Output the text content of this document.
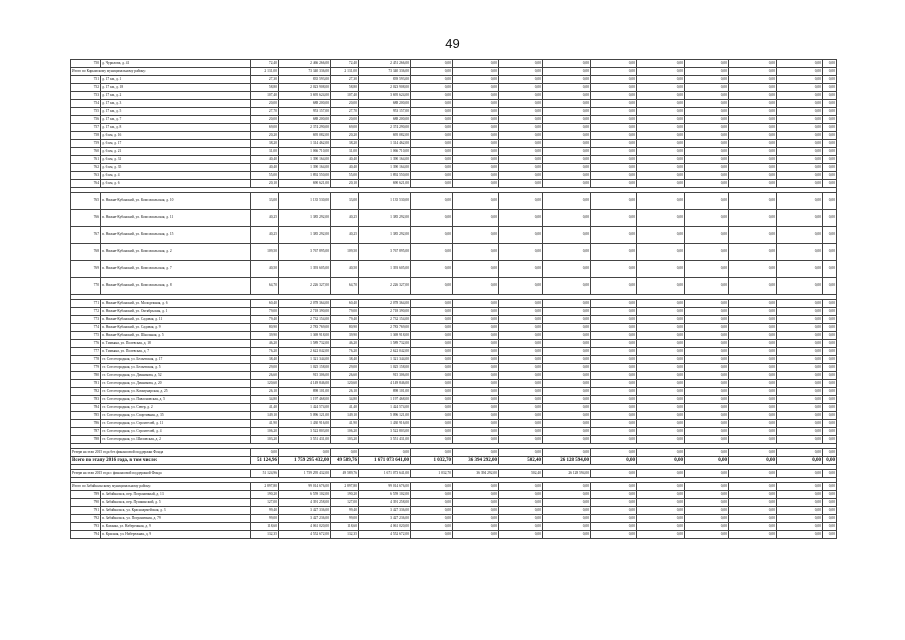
49
750	д. Чурилова, д. 41	72,40	2 466 266,00	72,40	2 451 266,00	0,00	0,00	0,00	0,00	0,00	0,00	0,00	0,00	0,00	0,00
Итого по Карымскому муниципальному району:		2 131,00	73 340 336,00	2 131,00	73 340 336,00	0,00	0,00	0,00	0,00	0,00	0,00	0,00	0,00	0,00	0,00
751	д. 17 км, д. 1	27,30	835 593,00	27,30	839 593,00	0,00	0,00	0,00	0,00	0,00	0,00	0,00	0,00	0,00	0,00
752	д. 17 км, д. 18	58,80	2 023 908,00	58,80	2 023 908,00	0,00	0,00	0,00	0,00	0,00	0,00	0,00	0,00	0,00	0,00
753	д. 17 км, д. 2	107,40	3 695 624,00	107,40	3 695 624,00	0,00	0,00	0,00	0,00	0,00	0,00	0,00	0,00	0,00	0,00
754	д. 17 км, д. 3	20,00	688 200,00	20,00	688 200,00	0,00	0,00	0,00	0,00	0,00	0,00	0,00	0,00	0,00	0,00
755	д. 17 км, д. 5	27,70	953 157,00	27,70	953 157,00	0,00	0,00	0,00	0,00	0,00	0,00	0,00	0,00	0,00	0,00
756	д. 17 км, д. 7	20,00	688 200,00	20,00	688 200,00	0,00	0,00	0,00	0,00	0,00	0,00	0,00	0,00	0,00	0,00
757	д. 17 км, д. 8	69,00	2 374 290,00	69,00	2 374 290,00	0,00	0,00	0,00	0,00	0,00	0,00	0,00	0,00	0,00	0,00
758	д. 6 км, д. 16	20,20	695 082,00	20,20	695 082,00	0,00	0,00	0,00	0,00	0,00	0,00	0,00	0,00	0,00	0,00
759	д. 6 км, д. 17	38,20	1 314 462,00	38,20	1 314 462,00	0,00	0,00	0,00	0,00	0,00	0,00	0,00	0,00	0,00	0,00
760	д. 6 км, д. 21	31,00	1 066 710,00	31,00	1 066 710,00	0,00	0,00	0,00	0,00	0,00	0,00	0,00	0,00	0,00	0,00
761	д. 6 км, д. 31	40,40	1 390 164,00	40,40	1 390 164,00	0,00	0,00	0,00	0,00	0,00	0,00	0,00	0,00	0,00	0,00
762	д. 6 км, д. 35	40,40	1 390 164,00	40,40	1 390 164,00	0,00	0,00	0,00	0,00	0,00	0,00	0,00	0,00	0,00	0,00
763	д. 6 км, д. 4	55,00	1 892 550,00	55,00	1 892 550,00	0,00	0,00	0,00	0,00	0,00	0,00	0,00	0,00	0,00	0,00
764	д. 6 км, д. 6	20,10	690 621,00	20,10	690 621,00	0,00	0,00	0,00	0,00	0,00	0,00	0,00	0,00	0,00	0,00

765	п. Нижне-Кубанский, ул. Комсомольская, д. 10	33,00	1 135 530,00	33,00	1 135 530,00	0,00	0,00	0,00	0,00	0,00	0,00	0,00	0,00	0,00	0,00
766	п. Нижне-Кубанский, ул. Комсомольская, д. 11	40,25	1 385 292,00	40,25	1 385 292,00	0,00	0,00	0,00	0,00	0,00	0,00	0,00	0,00	0,00	0,00
767	п. Нижне-Кубанский, ул. Комсомольская, д. 15	40,25	1 385 292,00	40,25	1 385 292,00	0,00	0,00	0,00	0,00	0,00	0,00	0,00	0,00	0,00	0,00
768	п. Нижне-Кубанский, ул. Комсомольская, д. 2	109,50	3 767 895,00	109,50	3 767 895,00	0,00	0,00	0,00	0,00	0,00	0,00	0,00	0,00	0,00	0,00
769	п. Нижне-Кубанский, ул. Комсомольская, д. 7	40,50	1 393 605,00	40,50	1 393 605,00	0,00	0,00	0,00	0,00	0,00	0,00	0,00	0,00	0,00	0,00
770	п. Нижне-Кубанский, ул. Комсомольская, д. 8	64,70	2 226 327,00	64,70	2 226 327,00	0,00	0,00	0,00	0,00	0,00	0,00	0,00	0,00	0,00	0,00

771	п. Нижне-Кубанский, ул. Молодежная, д. 6	60,40	2 078 364,00	60,40	2 078 364,00	0,00	0,00	0,00	0,00	0,00	0,00	0,00	0,00	0,00	0,00
772	п. Нижне-Кубанский, ул. Октябрьская, д. 1	79,00	2 718 390,00	79,00	2 718 390,00	0,00	0,00	0,00	0,00	0,00	0,00	0,00	0,00	0,00	0,00
773	п. Нижне-Кубанский, ул. Садовая, д. 11	79,40	2 732 154,00	79,40	2 732 154,00	0,00	0,00	0,00	0,00	0,00	0,00	0,00	0,00	0,00	0,00
774	п. Нижне-Кубанский, ул. Садовая, д. 9	80,90	2 783 769,00	80,90	2 783 769,00	0,00	0,00	0,00	0,00	0,00	0,00	0,00	0,00	0,00	0,00
775	п. Нижне-Кубанский, ул. Школьная, д. 5	39,90	1 369 918,00	39,90	1 369 918,00	0,00	0,00	0,00	0,00	0,00	0,00	0,00	0,00	0,00	0,00
776	п. Тимьяна, ул. Полевская, д. 18	46,20	1 589 732,00	46,20	1 589 732,00	0,00	0,00	0,00	0,00	0,00	0,00	0,00	0,00	0,00	0,00
777	п. Тимьяна, ул. Полевская, д. 7	76,20	2 622 042,00	76,20	2 622 042,00	0,00	0,00	0,00	0,00	0,00	0,00	0,00	0,00	0,00	0,00
778	ст. Сотсегородная, ул. Бельевская, д. 17	38,40	1 321 344,00	38,40	1 321 344,00	0,00	0,00	0,00	0,00	0,00	0,00	0,00	0,00	0,00	0,00
779	ст. Сотсегородная, ул. Бельевская, д. 5	29,00	1 025 158,00	29,00	1 025 158,00	0,00	0,00	0,00	0,00	0,00	0,00	0,00	0,00	0,00	0,00
780	ст. Сотсегородная, ул. Дачникова, д. 52	26,60	915 306,00	26,60	915 306,00	0,00	0,00	0,00	0,00	0,00	0,00	0,00	0,00	0,00	0,00
781	ст. Сотсегородная, ул. Дачникова, д. 20	120,60	4 149 846,00	120,60	4 149 846,00	0,00	0,00	0,00	0,00	0,00	0,00	0,00	0,00	0,00	0,00
782	ст. Сотсегородная, ул. Коммунарская, д. 25	26,10	898 101,00	26,10	898 101,00	0,00	0,00	0,00	0,00	0,00	0,00	0,00	0,00	0,00	0,00
783	ст. Сотсегородная, ул. Павлоновская, д. 5	34,80	1 197 468,00	34,80	1 197 468,00	0,00	0,00	0,00	0,00	0,00	0,00	0,00	0,00	0,00	0,00
784	ст. Сотсегородная, ул. Север, д. 2	41,40	1 424 574,00	41,40	1 424 574,00	0,00	0,00	0,00	0,00	0,00	0,00	0,00	0,00	0,00	0,00
785	ст. Сотсегородная, ул. Спортивная, д. 35	149,10	5 096 121,00	149,10	5 096 121,00	0,00	0,00	0,00	0,00	0,00	0,00	0,00	0,00	0,00	0,00
786	ст. Сотсегородная, ул. Строителей, д. 11	41,90	1 430 916,00	41,90	1 430 916,00	0,00	0,00	0,00	0,00	0,00	0,00	0,00	0,00	0,00	0,00
787	ст. Сотсегородная, ул. Строителей, д. 4	106,20	3 522 803,00	106,20	3 522 803,00	0,00	0,00	0,00	0,00	0,00	0,00	0,00	0,00	0,00	0,00
788	ст. Сотсегородная, ул. Шиловская, д. 2	103,20	3 551 431,00	103,20	3 551 431,00	0,00	0,00	0,00	0,00	0,00	0,00	0,00	0,00	0,00	0,00

Резерв на этап 2015 года без финансовой поддержки Фонда		0,00	0,00	0,00	0,00	0,00	0,00	0,00	0,00	0,00	0,00	0,00	0,00	0,00	0,00
Всего по этапу 2016 года, в том числе:		51 124,96	1 759 295 432,00	49 589,76	1 671 073 641,00	1 032,70	36 394 292,00	502,40	26 128 594,00	0,00	0,00	0,00	0,00	0,00	0,00

Резерв на этап 2015 года с финансовой поддержкой Фонда		51 124,96	1 759 295 432,00	49 589,76	1 671 073 641,00	1 032,70	36 394 292,00	502,40	26 128 594,00	0,00	0,00	0,00	0,00	0,00	0,00

Итого по Забайкальскому муниципальному району:		2 897,80	99 014 676,00	2 897,80	99 014 676,00	0,00	0,00	0,00	0,00	0,00	0,00	0,00	0,00	0,00	0,00
789	п. Забайкальск, пер. Пограничный, д. 13	190,20	6 559 102,00	190,20	6 559 102,00	0,00	0,00	0,00	0,00	0,00	0,00	0,00	0,00	0,00	0,00
790	п. Забайкальск, пер. Пушкинский, д. 5	127,00	4 391 258,00	127,00	4 391 258,00	0,00	0,00	0,00	0,00	0,00	0,00	0,00	0,00	0,00	0,00
791	п. Забайкальск, ул. Красноармейская, д. 3	99,40	3 427 336,00	99,40	3 427 336,00	0,00	0,00	0,00	0,00	0,00	0,00	0,00	0,00	0,00	0,00
792	п. Забайкальск, ул. Пограничная, д. 79	99,00	3 427 236,00	99,00	3 427 236,00	0,00	0,00	0,00	0,00	0,00	0,00	0,00	0,00	0,00	0,00
793	п. Казанка, ул. Набережная, д. 9	118,60	4 061 020,00	118,60	4 061 020,00	0,00	0,00	0,00	0,00	0,00	0,00	0,00	0,00	0,00	0,00
794	п. Красная, ул. Набережная, д. 9	132,35	4 552 672,00	132,35	4 552 672,00	0,00	0,00	0,00	0,00	0,00	0,00	0,00	0,00	0,00	0,00
